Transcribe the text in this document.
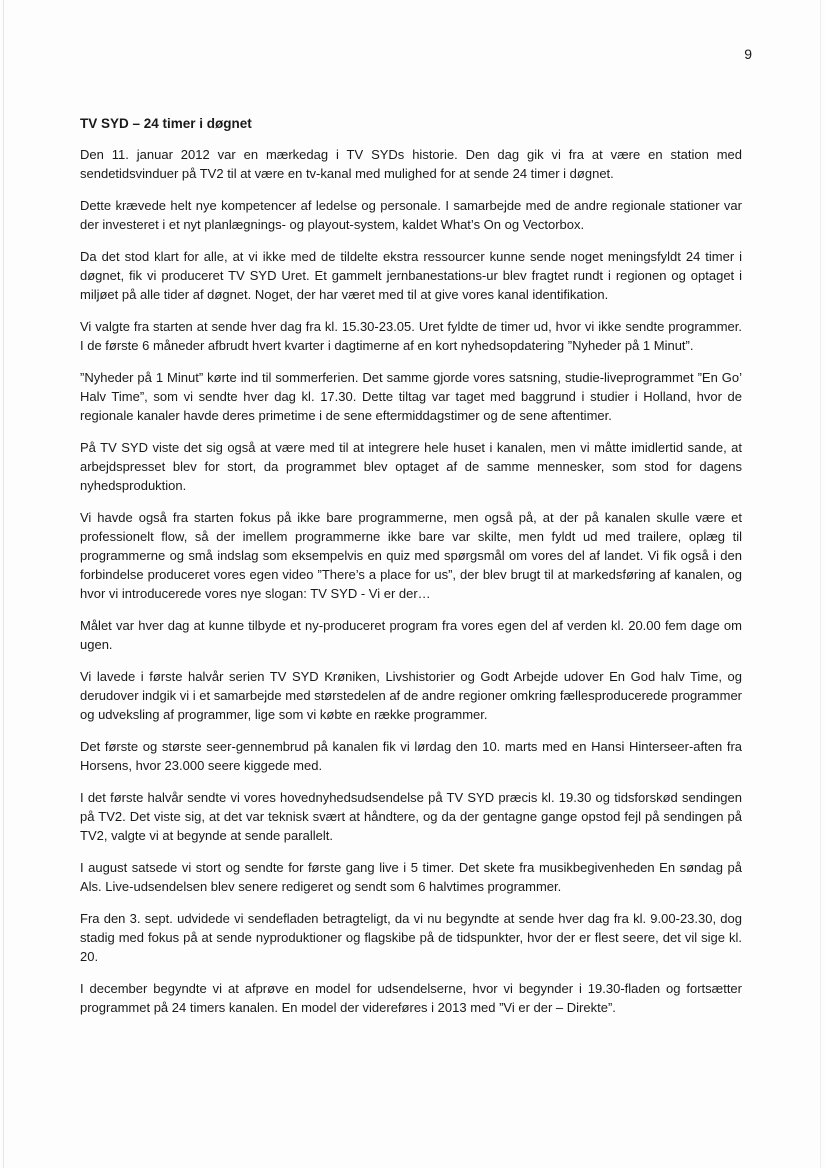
9

TV SYD – 24 timer i døgnet

Den 11. januar 2012 var en mærkedag i TV SYDs historie. Den dag gik vi fra at være en station med sendetidsvinduer på TV2 til at være en tv-kanal med mulighed for at sende 24 timer i døgnet.

Dette krævede helt nye kompetencer af ledelse og personale. I samarbejde med de andre regionale stationer var der investeret i et nyt planlægnings- og playout-system, kaldet What’s On og Vectorbox.

Da det stod klart for alle, at vi ikke med de tildelte ekstra ressourcer kunne sende noget meningsfyldt 24 timer i døgnet, fik vi produceret TV SYD Uret. Et gammelt jernbanestations-ur blev fragtet rundt i regionen og optaget i miljøet på alle tider af døgnet. Noget, der har været med til at give vores kanal identifikation.

Vi valgte fra starten at sende hver dag fra kl. 15.30-23.05. Uret fyldte de timer ud, hvor vi ikke sendte programmer. I de første 6 måneder afbrudt hvert kvarter i dagtimerne af en kort nyhedsopdatering ”Nyheder på 1 Minut”.

”Nyheder på 1 Minut” kørte ind til sommerferien. Det samme gjorde vores satsning, studie-liveprogrammet ”En Go’ Halv Time”, som vi sendte hver dag kl. 17.30. Dette tiltag var taget med baggrund i studier i Holland, hvor de regionale kanaler havde deres primetime i de sene eftermiddagstimer og de sene aftentimer.

På TV SYD viste det sig også at være med til at integrere hele huset i kanalen, men vi måtte imidlertid sande, at arbejdspresset blev for stort, da programmet blev optaget af de samme mennesker, som stod for dagens nyhedsproduktion.

Vi havde også fra starten fokus på ikke bare programmerne, men også på, at der på kanalen skulle være et professionelt flow, så der imellem programmerne ikke bare var skilte, men fyldt ud med trailere, oplæg til programmerne og små indslag som eksempelvis en quiz med spørgsmål om vores del af landet. Vi fik også i den forbindelse produceret vores egen video ”There’s a place for us”, der blev brugt til at markedsføring af kanalen, og hvor vi introducerede vores nye slogan: TV SYD - Vi er der…

Målet var hver dag at kunne tilbyde et ny-produceret program fra vores egen del af verden kl. 20.00 fem dage om ugen.

Vi lavede i første halvår serien TV SYD Krøniken, Livshistorier og Godt Arbejde udover En God halv Time, og derudover indgik vi i et samarbejde med størstedelen af de andre regioner omkring fællesproducerede programmer og udveksling af programmer, lige som vi købte en række programmer.

Det første og største seer-gennembrud på kanalen fik vi lørdag den 10. marts med en Hansi Hinterseer-aften fra Horsens, hvor 23.000 seere kiggede med.

I det første halvår sendte vi vores hovednyhedsudsendelse på TV SYD præcis kl. 19.30 og tidsforskød sendingen på TV2. Det viste sig, at det var teknisk svært at håndtere, og da der gentagne gange opstod fejl på sendingen på TV2, valgte vi at begynde at sende parallelt.

I august satsede vi stort og sendte for første gang live i 5 timer. Det skete fra musikbegivenheden En søndag på Als. Live-udsendelsen blev senere redigeret og sendt som 6 halvtimes programmer.

Fra den 3. sept. udvidede vi sendefladen betragteligt, da vi nu begyndte at sende hver dag fra kl. 9.00-23.30, dog stadig med fokus på at sende nyproduktioner og flagskibe på de tidspunkter, hvor der er flest seere, det vil sige kl. 20.

I december begyndte vi at afprøve en model for udsendelserne, hvor vi begynder i 19.30-fladen og fortsætter programmet på 24 timers kanalen. En model der videreføres i 2013 med ”Vi er der – Direkte”.
